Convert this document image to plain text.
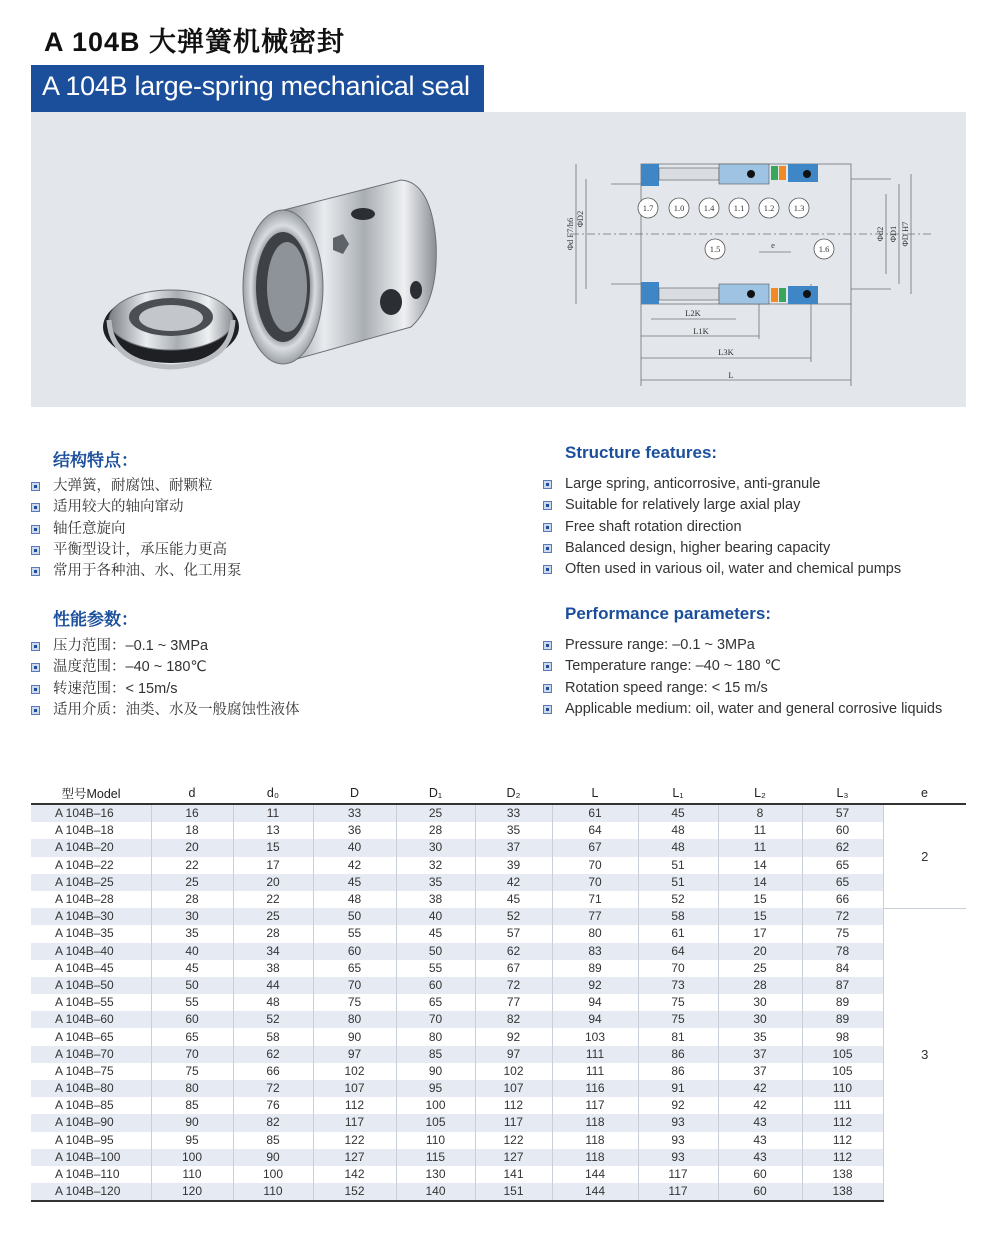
A 104B 大弹簧机械密封
A 104B large-spring mechanical seal
1.7 1.0 1.4 1.1 1.2 1.3
1.5	1.6
e
L2K
L1K
L3K
L
Φd F7/h6 ΦD2
Φd2 ΦD1 ΦD H7
结构特点：
大弹簧，耐腐蚀、耐颗粒
适用较大的轴向窜动
轴任意旋向
平衡型设计，承压能力更高
常用于各种油、水、化工用泵
Structure features:
Large spring, anticorrosive, anti-granule
Suitable for relatively large axial play
Free shaft rotation direction
Balanced design, higher bearing capacity
Often used in various oil, water and chemical pumps
性能参数：
压力范围：–0.1 ~ 3MPa
温度范围：–40 ~ 180℃
转速范围：< 15m/s
适用介质：油类、水及一般腐蚀性液体
Performance parameters:
Pressure range: –0.1 ~ 3MPa
Temperature range: –40 ~ 180 ℃
Rotation speed range: < 15 m/s
Applicable medium: oil, water and general corrosive liquids
型号Model	d	d₀	D	D₁	D₂	L	L₁	L₂	L₃	e
A 104B–16	16	11	33	25	33	61	45	8	57	2
A 104B–18	18	13	36	28	35	64	48	11	60	
A 104B–20	20	15	40	30	37	67	48	11	62	
A 104B–22	22	17	42	32	39	70	51	14	65	
A 104B–25	25	20	45	35	42	70	51	14	65	
A 104B–28	28	22	48	38	45	71	52	15	66	
A 104B–30	30	25	50	40	52	77	58	15	72	3
A 104B–35	35	28	55	45	57	80	61	17	75	
A 104B–40	40	34	60	50	62	83	64	20	78	
A 104B–45	45	38	65	55	67	89	70	25	84	
A 104B–50	50	44	70	60	72	92	73	28	87	
A 104B–55	55	48	75	65	77	94	75	30	89	
A 104B–60	60	52	80	70	82	94	75	30	89	
A 104B–65	65	58	90	80	92	103	81	35	98	
A 104B–70	70	62	97	85	97	111	86	37	105	
A 104B–75	75	66	102	90	102	111	86	37	105	
A 104B–80	80	72	107	95	107	116	91	42	110	
A 104B–85	85	76	112	100	112	117	92	42	111	
A 104B–90	90	82	117	105	117	118	93	43	112	
A 104B–95	95	85	122	110	122	118	93	43	112	
A 104B–100	100	90	127	115	127	118	93	43	112	
A 104B–110	110	100	142	130	141	144	117	60	138	
A 104B–120	120	110	152	140	151	144	117	60	138	
